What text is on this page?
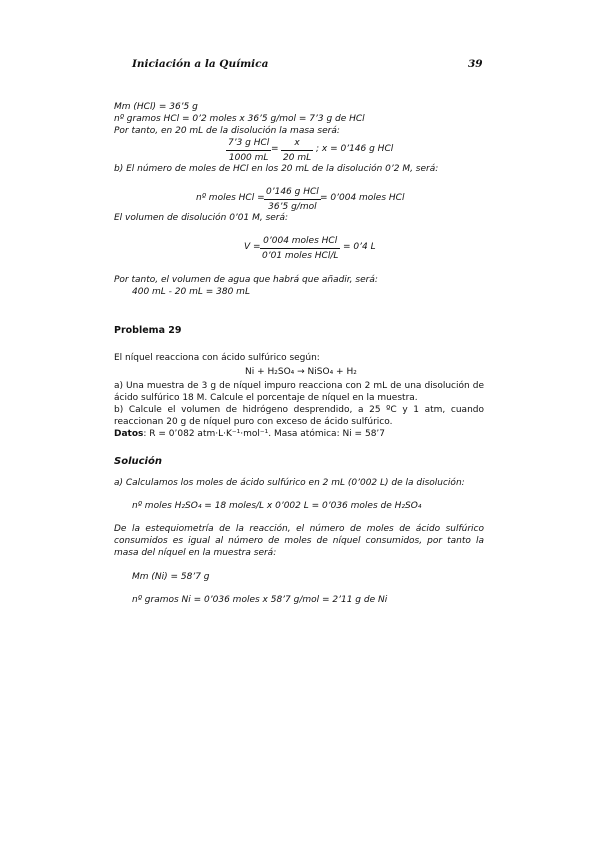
Iniciación a la Química	39
Mm (HCl) = 36’5 g
nº gramos HCl = 0’2 moles x 36’5 g/mol = 7’3 g de HCl
Por tanto, en 20 mL de la disolución la masa será:
7’3 g HCl
1000 mL
=
x
20 mL
; x = 0’146 g HCl
b) El número de moles de HCl en los 20 mL de la disolución 0’2 M, será:
nº moles HCl =
0’146 g HCl
36’5 g/mol
= 0’004 moles HCl
El volumen de disolución 0’01 M, será:
V =
0’004 moles HCl
0’01 moles HCl/L
= 0’4 L
Por tanto, el volumen de agua que habrá que añadir, será:
400 mL - 20 mL = 380 mL
Problema 29
El níquel reacciona con ácido sulfúrico según:
Ni + H₂SO₄ → NiSO₄ + H₂
a) Una muestra de 3 g de níquel impuro reacciona con 2 mL de una disolución de ácido sulfúrico 18 M. Calcule el porcentaje de níquel en la muestra.
b) Calcule el volumen de hidrógeno desprendido, a 25 ºC y 1 atm, cuando reaccionan 20 g de níquel puro con exceso de ácido sulfúrico.
Datos: R = 0’082 atm·L·K⁻¹·mol⁻¹. Masa atómica: Ni = 58’7
Solución
a) Calculamos los moles de ácido sulfúrico en 2 mL (0’002 L) de la disolución:
nº moles H₂SO₄ = 18 moles/L x 0’002 L = 0’036 moles de H₂SO₄
De la estequiometría de la reacción, el número de moles de ácido sulfúrico consumidos es igual al número de moles de níquel consumidos, por tanto la masa del níquel en la muestra será:
Mm (Ni) = 58’7 g
nº gramos Ni = 0’036 moles x 58’7 g/mol = 2’11 g de Ni
